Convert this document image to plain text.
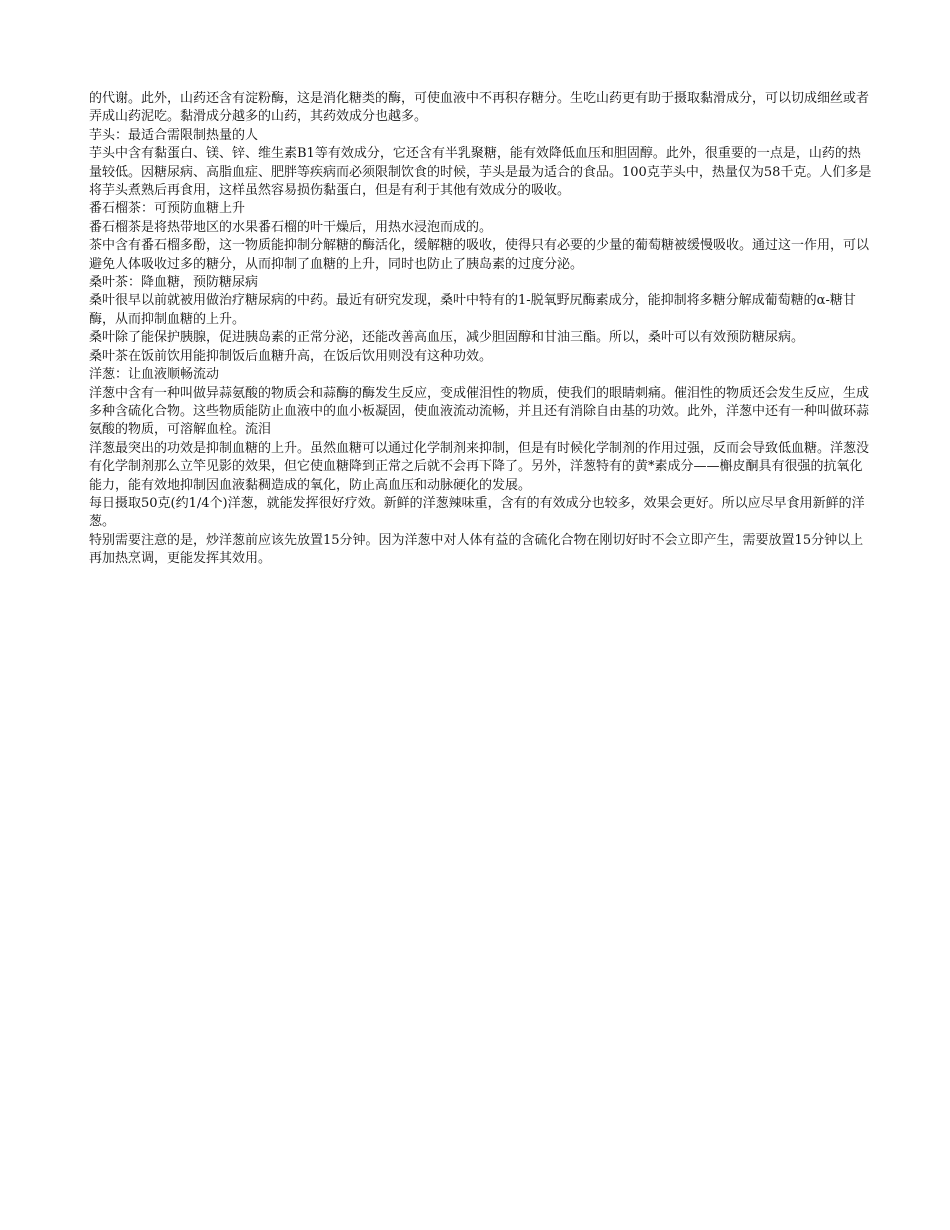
的代谢。此外，山药还含有淀粉酶，这是消化糖类的酶，可使血液中不再积存糖分。生吃山药更有助于摄取黏滑成分，可以切成细丝或者弄成山药泥吃。黏滑成分越多的山药，其药效成分也越多。

芋头：最适合需限制热量的人

芋头中含有黏蛋白、镁、锌、维生素B1等有效成分，它还含有半乳聚糖，能有效降低血压和胆固醇。此外，很重要的一点是，山药的热量较低。因糖尿病、高脂血症、肥胖等疾病而必须限制饮食的时候，芋头是最为适合的食品。100克芋头中，热量仅为58千克。人们多是将芋头煮熟后再食用，这样虽然容易损伤黏蛋白，但是有利于其他有效成分的吸收。

番石榴茶：可预防血糖上升

番石榴茶是将热带地区的水果番石榴的叶干燥后，用热水浸泡而成的。

茶中含有番石榴多酚，这一物质能抑制分解糖的酶活化，缓解糖的吸收，使得只有必要的少量的葡萄糖被缓慢吸收。通过这一作用，可以避免人体吸收过多的糖分，从而抑制了血糖的上升，同时也防止了胰岛素的过度分泌。

桑叶茶：降血糖，预防糖尿病

桑叶很早以前就被用做治疗糖尿病的中药。最近有研究发现，桑叶中特有的1-脱氧野尻酶素成分，能抑制将多糖分解成葡萄糖的α-糖甘酶，从而抑制血糖的上升。

桑叶除了能保护胰腺，促进胰岛素的正常分泌，还能改善高血压，减少胆固醇和甘油三酯。所以，桑叶可以有效预防糖尿病。

桑叶茶在饭前饮用能抑制饭后血糖升高，在饭后饮用则没有这种功效。

洋葱：让血液顺畅流动

洋葱中含有一种叫做异蒜氨酸的物质会和蒜酶的酶发生反应，变成催泪性的物质，使我们的眼睛刺痛。催泪性的物质还会发生反应，生成多种含硫化合物。这些物质能防止血液中的血小板凝固，使血液流动流畅，并且还有消除自由基的功效。此外，洋葱中还有一种叫做环蒜氨酸的物质，可溶解血栓。流泪

洋葱最突出的功效是抑制血糖的上升。虽然血糖可以通过化学制剂来抑制，但是有时候化学制剂的作用过强，反而会导致低血糖。洋葱没有化学制剂那么立竿见影的效果，但它使血糖降到正常之后就不会再下降了。另外，洋葱特有的黄*素成分——槲皮酮具有很强的抗氧化能力，能有效地抑制因血液黏稠造成的氧化，防止高血压和动脉硬化的发展。

每日摄取50克(约1/4个)洋葱，就能发挥很好疗效。新鲜的洋葱辣味重，含有的有效成分也较多，效果会更好。所以应尽早食用新鲜的洋葱。

特别需要注意的是，炒洋葱前应该先放置15分钟。因为洋葱中对人体有益的含硫化合物在刚切好时不会立即产生，需要放置15分钟以上再加热烹调，更能发挥其效用。
